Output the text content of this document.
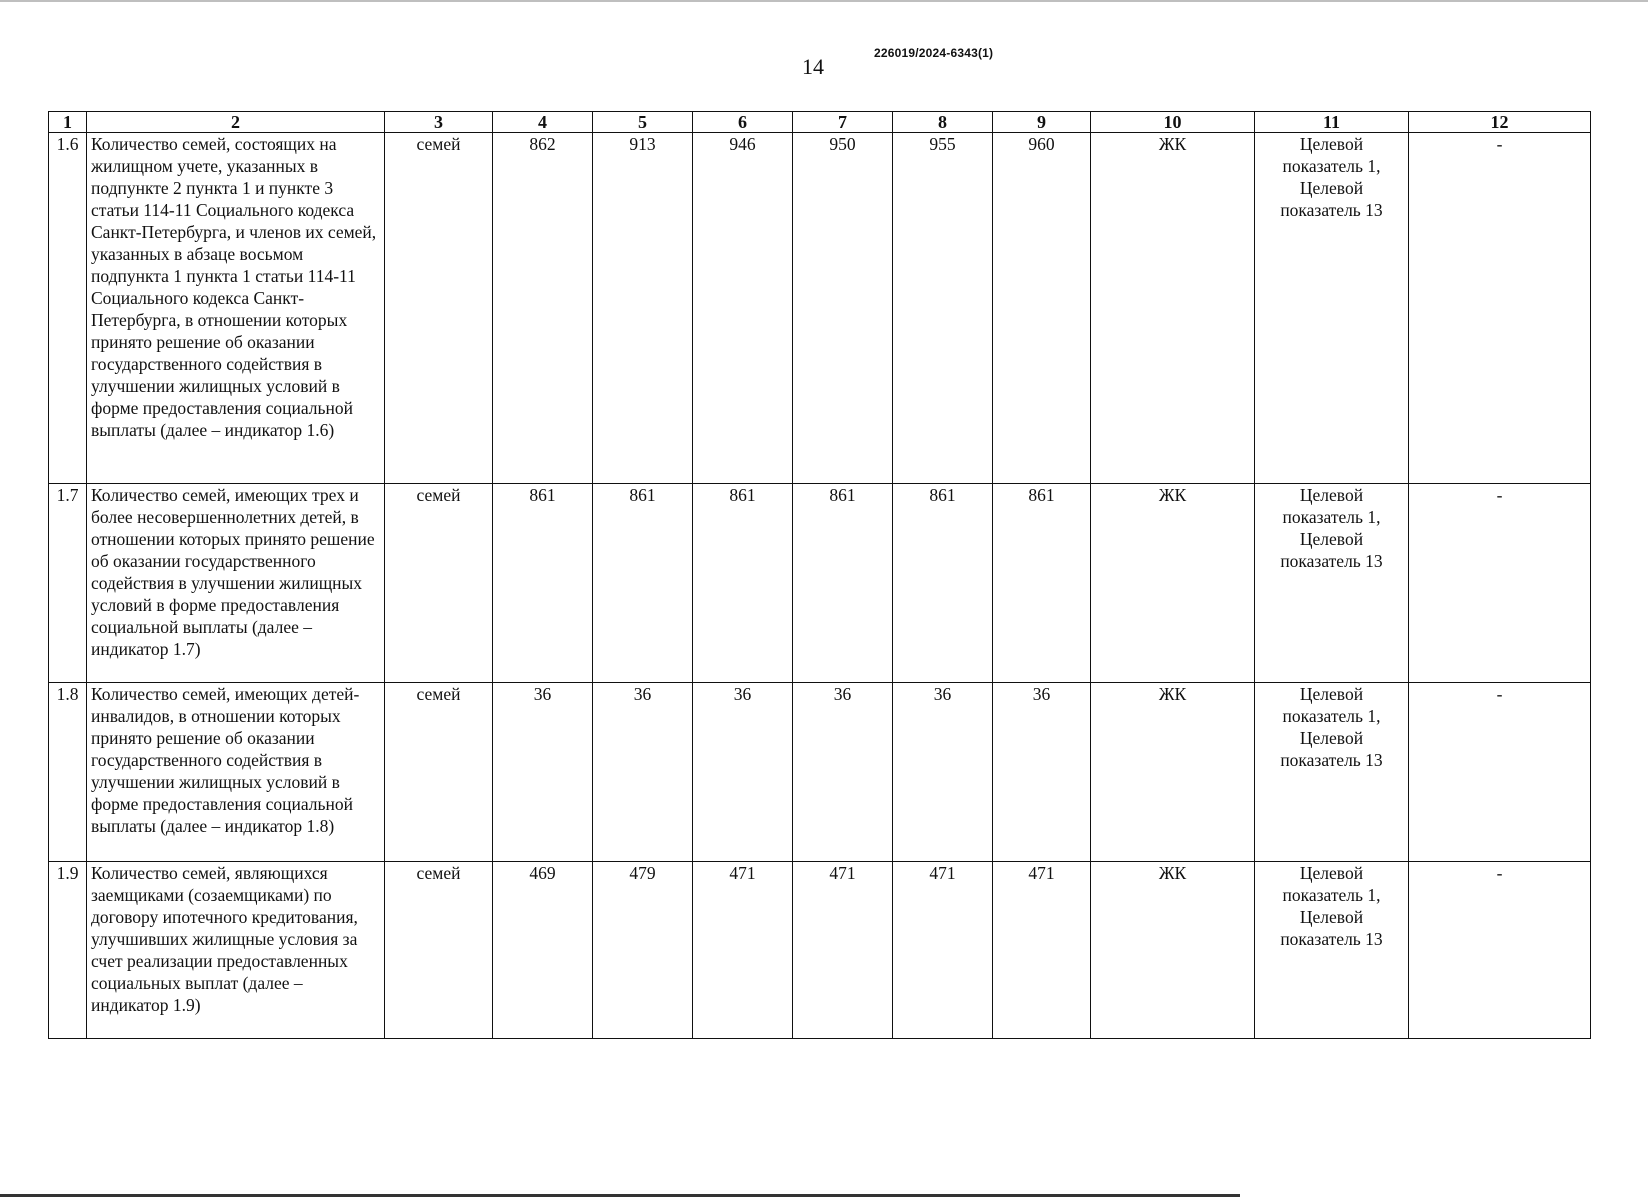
14
226019/2024-6343(1)
1	2	3	4	5	6	7	8	9	10	11	12
1.6	Количество семей, состоящих на жилищном учете, указанных в подпункте 2 пункта 1 и пункте 3 статьи 114-11 Социального кодекса Санкт-Петербурга, и членов их семей, указанных в абзаце восьмом подпункта 1 пункта 1 статьи 114-11 Социального кодекса Санкт-Петербурга, в отношении которых принято решение об оказании государственного содействия в улучшении жилищных условий в форме предоставления социальной выплаты (далее – индикатор 1.6)	семей	862	913	946	950	955	960	ЖК	Целевой показатель 1, Целевой показатель 13	-
1.7	Количество семей, имеющих трех и более несовершеннолетних детей, в отношении которых принято решение об оказании государственного содействия в улучшении жилищных условий в форме предоставления социальной выплаты (далее – индикатор 1.7)	семей	861	861	861	861	861	861	ЖК	Целевой показатель 1, Целевой показатель 13	-
1.8	Количество семей, имеющих детей-инвалидов, в отношении которых принято решение об оказании государственного содействия в улучшении жилищных условий в форме предоставления социальной выплаты (далее – индикатор 1.8)	семей	36	36	36	36	36	36	ЖК	Целевой показатель 1, Целевой показатель 13	-
1.9	Количество семей, являющихся заемщиками (созаемщиками) по договору ипотечного кредитования, улучшивших жилищные условия за счет реализации предоставленных социальных выплат (далее – индикатор 1.9)	семей	469	479	471	471	471	471	ЖК	Целевой показатель 1, Целевой показатель 13	-
